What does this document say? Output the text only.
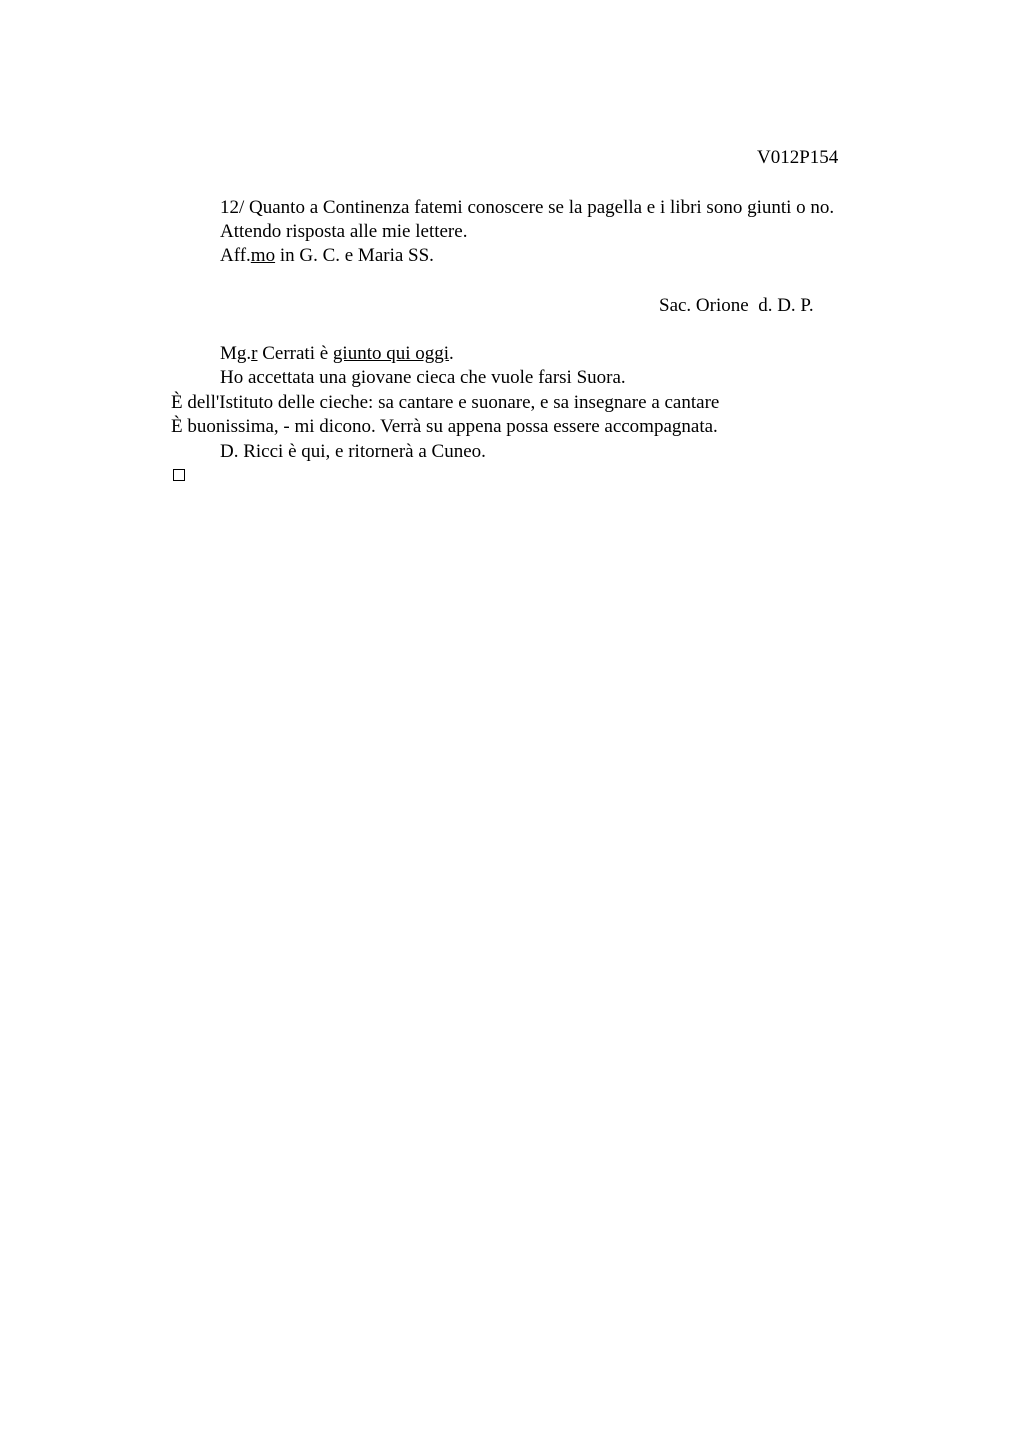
V012P154
12/ Quanto a Continenza fatemi conoscere se la pagella e i libri sono giunti o no.
Attendo risposta alle mie lettere.
Aff.mo in G. C. e Maria SS.
Sac. Orione  d. D. P.
Mg.r Cerrati è giunto qui oggi.
Ho accettata una giovane cieca che vuole farsi Suora.
È dell'Istituto delle cieche: sa cantare e suonare, e sa insegnare a cantare
È buonissima, - mi dicono. Verrà su appena possa essere accompagnata.
D. Ricci è qui, e ritornerà a Cuneo.
